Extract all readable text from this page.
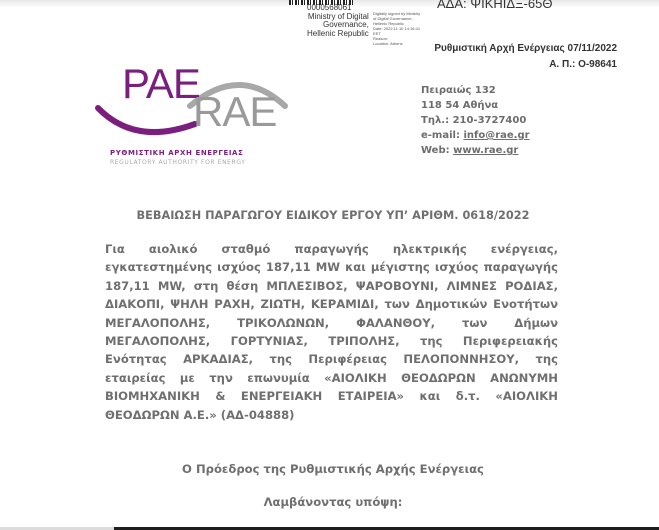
0000568061
Ministry of Digital
Governance,
Hellenic Republic
Digitally signed by Ministry
of Digital Governance,
Hellenic Republic
Date: 2022.11.10 14:16:41
EET
Reason:
Location: Athens
ΑΔΑ: ΨΙΚΗΙΔΞ-65Θ
Ρυθμιστική Αρχή Ενέργειας 07/11/2022
Α. Π.: Ο-98641
ΡΑΕ
RAE
ΡΥΘΜΙΣΤΙΚΗ ΑΡΧΗ ΕΝΕΡΓΕΙΑΣ
REGULATORY AUTHORITY FOR ENERGY
Πειραιώς 132
118 54 Αθήνα
Τηλ.: 210-3727400
e-mail: info@rae.gr
Web: www.rae.gr
ΒΕΒΑΙΩΣΗ ΠΑΡΑΓΩΓΟΥ ΕΙΔΙΚΟΥ ΕΡΓΟΥ ΥΠ’ ΑΡΙΘΜ. 0618/2022
Για αιολικό σταθμό παραγωγής ηλεκτρικής ενέργειας, εγκατεστημένης ισχύος 187,11 MW και μέγιστης ισχύος παραγωγής 187,11 MW, στη θέση ΜΠΛΕΣΙΒΟΣ, ΨΑΡΟΒΟΥΝΙ, ΛΙΜΝΕΣ ΡΟΔΙΑΣ, ΔΙΑΚΟΠΙ, ΨΗΛΗ ΡΑΧΗ, ΖΙΩΤΗ, ΚΕΡΑΜΙΔΙ, των Δημοτικών Ενοτήτων ΜΕΓΑΛΟΠΟΛΗΣ, ΤΡΙΚΟΛΩΝΩΝ, ΦΑΛΑΝΘΟΥ, των Δήμων ΜΕΓΑΛΟΠΟΛΗΣ, ΓΟΡΤΥΝΙΑΣ, ΤΡΙΠΟΛΗΣ, της Περιφερειακής Ενότητας ΑΡΚΑΔΙΑΣ, της Περιφέρειας ΠΕΛΟΠΟΝΝΗΣΟΥ, της εταιρείας με την επωνυμία «ΑΙΟΛΙΚΗ ΘΕΟΔΩΡΩΝ ΑΝΩΝΥΜΗ ΒΙΟΜΗΧΑΝΙΚΗ & ΕΝΕΡΓΕΙΑΚΗ ΕΤΑΙΡΕΙΑ» και δ.τ. «ΑΙΟΛΙΚΗ ΘΕΟΔΩΡΩΝ Α.Ε.» (ΑΔ-04888)
Ο Πρόεδρος της Ρυθμιστικής Αρχής Ενέργειας
Λαμβάνοντας υπόψη:
